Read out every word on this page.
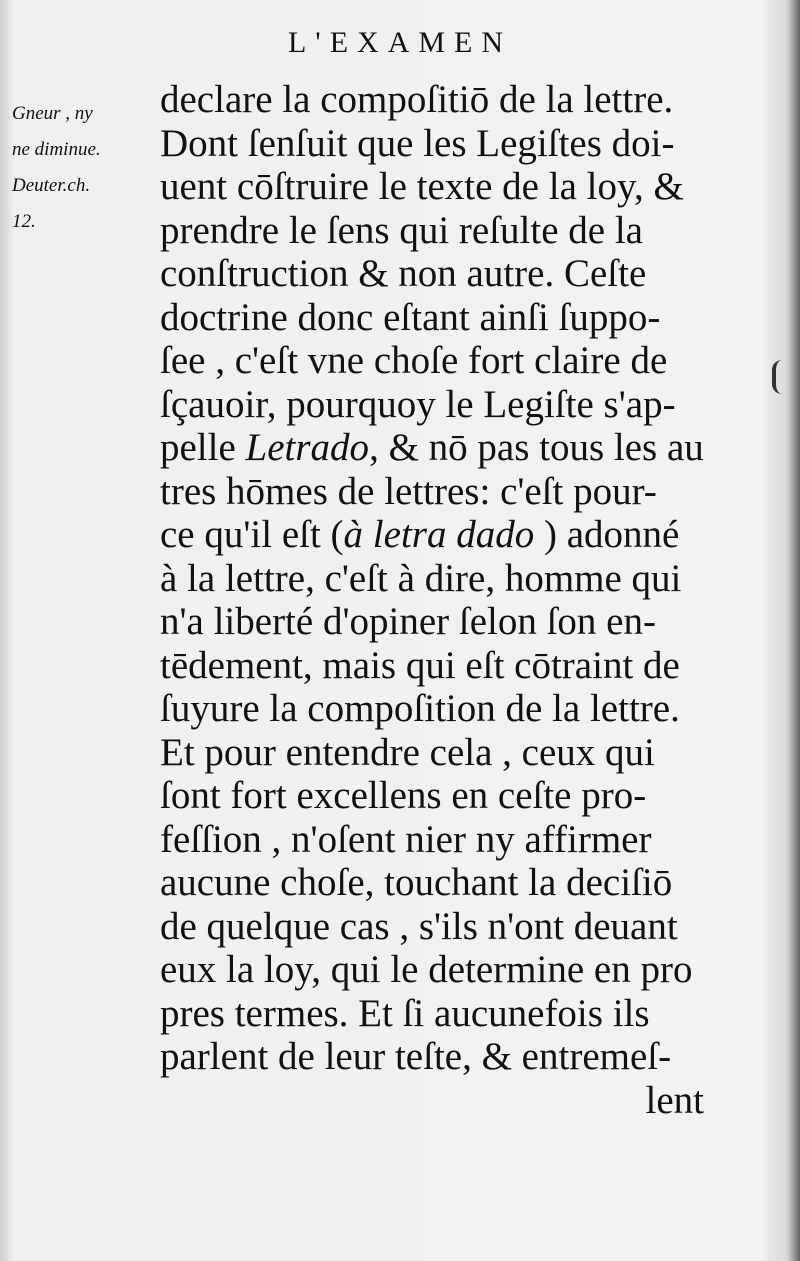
L'EXAMEN
Gneur , ny
ne diminue.
Deuter.ch.
12.
declare la compoſitiō de la lettre.
Dont ſenſuit que les Legiſtes doi-
uent cōſtruire le texte de la loy, &
prendre le ſens qui reſulte de la
conſtruction & non autre. Ceſte
doctrine donc eſtant ainſi ſuppo-
ſee , c'eſt vne choſe fort claire de
ſçauoir, pourquoy le Legiſte s'ap-
pelle Letrado, & nō pas tous les au
tres hōmes de lettres: c'eſt pour-
ce qu'il eſt (à letra dado ) adonné
à la lettre, c'eſt à dire, homme qui
n'a liberté d'opiner ſelon ſon en-
tēdement, mais qui eſt cōtraint de
ſuyure la compoſition de la lettre.
Et pour entendre cela , ceux qui
ſont fort excellens en ceſte pro-
feſſion , n'oſent nier ny affirmer
aucune choſe, touchant la deciſiō
de quelque cas , s'ils n'ont deuant
eux la loy, qui le determine en pro
pres termes. Et ſi aucunefois ils
parlent de leur teſte, & entremeſ-
lent
